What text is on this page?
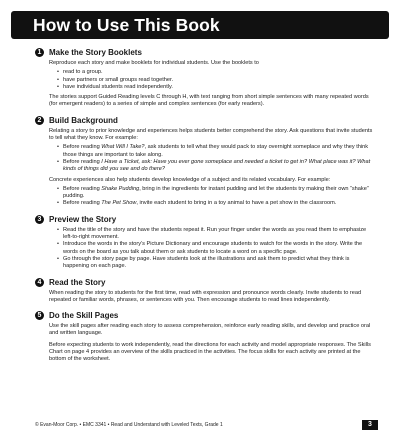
How to Use This Book
1 Make the Story Booklets

Reproduce each story and make booklets for individual students. Use the booklets to

• read to a group.
• have partners or small groups read together.
• have individual students read independently.

The stories support Guided Reading levels C through H, with text ranging from short simple sentences with many repeated words (for emergent readers) to a series of simple and complex sentences (for early readers).

2 Build Background

Relating a story to prior knowledge and experiences helps students better comprehend the story. Ask questions that invite students to tell what they know. For example:

• Before reading What Will I Take?, ask students to tell what they would pack to stay overnight someplace and why they think those things are important to take along.
• Before reading I Have a Ticket, ask: Have you ever gone someplace and needed a ticket to get in? What place was it? What kinds of things did you see and do there?

Concrete experiences also help students develop knowledge of a subject and its related vocabulary. For example:

• Before reading Shake Pudding, bring in the ingredients for instant pudding and let the students try making their own “shake” pudding.
• Before reading The Pet Show, invite each student to bring in a toy animal to have a pet show in the classroom.
3 Preview the Story
• Read the title of the story and have the students repeat it. Run your finger under the words as you read them to emphasize left-to-right movement.
• Introduce the words in the story’s Picture Dictionary and encourage students to watch for the words in the story. Write the words on the board as you talk about them or ask students to locate a word on a specific page.
• Go through the story page by page. Have students look at the illustrations and ask them to predict what they think is happening on each page.
4 Read the Story

When reading the story to students for the first time, read with expression and pronounce words clearly. Invite students to read repeated or familiar words, phrases, or sentences with you. Then encourage students to read lines independently.

5 Do the Skill Pages

Use the skill pages after reading each story to assess comprehension, reinforce early reading skills, and develop and practice oral and written language.

Before expecting students to work independently, read the directions for each activity and model appropriate responses. The Skills Chart on page 4 provides an overview of the skills practiced in the activities. The focus skills for each activity are printed at the bottom of the worksheet.

© Evan-Moor Corp. • EMC 3341 • Read and Understand with Leveled Texts, Grade 1	3
